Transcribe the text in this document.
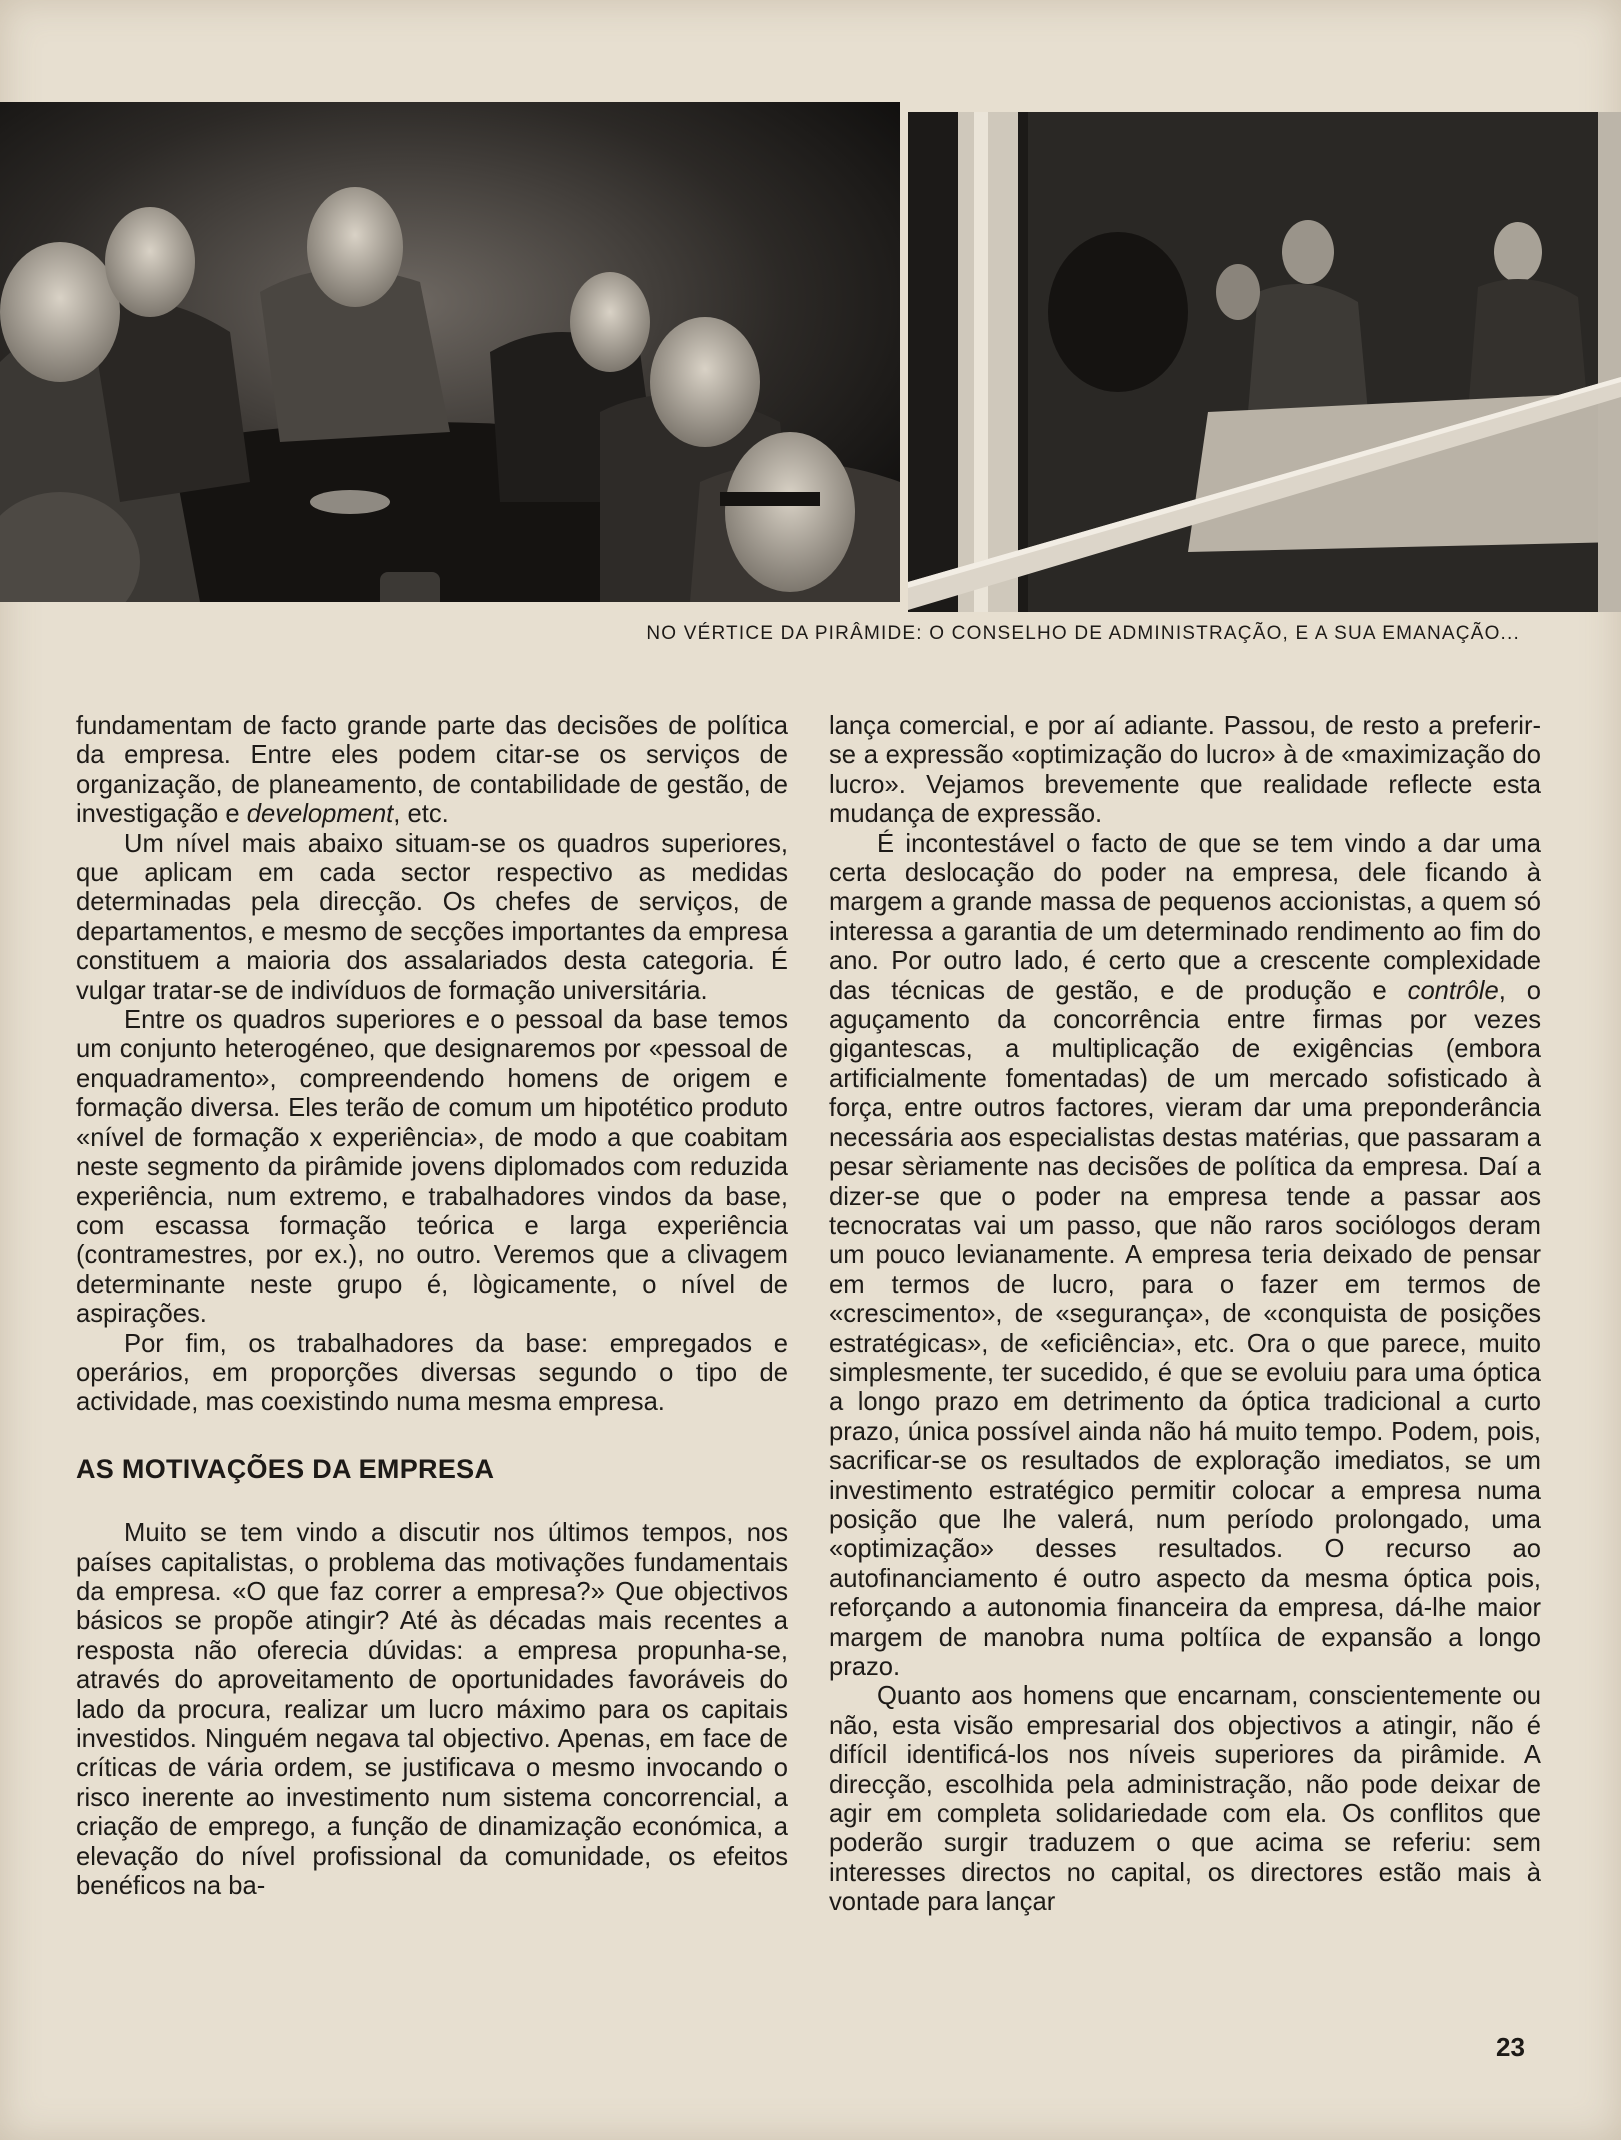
NO VÉRTICE DA PIRÂMIDE: O CONSELHO DE ADMINISTRAÇÃO, E A SUA EMANAÇÃO...

fundamentam de facto grande parte das decisões de política da empresa. Entre eles podem citar-se os serviços de organização, de planeamento, de contabilidade de gestão, de investigação e development, etc.

Um nível mais abaixo situam-se os quadros superiores, que aplicam em cada sector respectivo as medidas determinadas pela direcção. Os chefes de serviços, de departamentos, e mesmo de secções importantes da empresa constituem a maioria dos assalariados desta categoria. É vulgar tratar-se de indivíduos de formação universitária.

Entre os quadros superiores e o pessoal da base temos um conjunto heterogéneo, que designaremos por «pessoal de enquadramento», compreendendo homens de origem e formação diversa. Eles terão de comum um hipotético produto «nível de formação x experiência», de modo a que coabitam neste segmento da pirâmide jovens diplomados com reduzida experiência, num extremo, e trabalhadores vindos da base, com escassa formação teórica e larga experiência (contramestres, por ex.), no outro. Veremos que a clivagem determinante neste grupo é, lògicamente, o nível de aspirações.

Por fim, os trabalhadores da base: empregados e operários, em proporções diversas segundo o tipo de actividade, mas coexistindo numa mesma empresa.

AS MOTIVAÇÕES DA EMPRESA

Muito se tem vindo a discutir nos últimos tempos, nos países capitalistas, o problema das motivações fundamentais da empresa. «O que faz correr a empresa?» Que objectivos básicos se propõe atingir? Até às décadas mais recentes a resposta não oferecia dúvidas: a empresa propunha-se, através do aproveitamento de oportunidades favoráveis do lado da procura, realizar um lucro máximo para os capitais investidos. Ninguém negava tal objectivo. Apenas, em face de críticas de vária ordem, se justificava o mesmo invocando o risco inerente ao investimento num sistema concorrencial, a criação de emprego, a função de dinamização económica, a elevação do nível profissional da comunidade, os efeitos benéficos na ba-

lança comercial, e por aí adiante. Passou, de resto a preferir-se a expressão «optimização do lucro» à de «maximização do lucro». Vejamos brevemente que realidade reflecte esta mudança de expressão.

É incontestável o facto de que se tem vindo a dar uma certa deslocação do poder na empresa, dele ficando à margem a grande massa de pequenos accionistas, a quem só interessa a garantia de um determinado rendimento ao fim do ano. Por outro lado, é certo que a crescente complexidade das técnicas de gestão, e de produção e contrôle, o aguçamento da concorrência entre firmas por vezes gigantescas, a multiplicação de exigências (embora artificialmente fomentadas) de um mercado sofisticado à força, entre outros factores, vieram dar uma preponderância necessária aos especialistas destas matérias, que passaram a pesar sèriamente nas decisões de política da empresa. Daí a dizer-se que o poder na empresa tende a passar aos tecnocratas vai um passo, que não raros sociólogos deram um pouco levianamente. A empresa teria deixado de pensar em termos de lucro, para o fazer em termos de «crescimento», de «segurança», de «conquista de posições estratégicas», de «eficiência», etc. Ora o que parece, muito simplesmente, ter sucedido, é que se evoluiu para uma óptica a longo prazo em detrimento da óptica tradicional a curto prazo, única possível ainda não há muito tempo. Podem, pois, sacrificar-se os resultados de exploração imediatos, se um investimento estratégico permitir colocar a empresa numa posição que lhe valerá, num período prolongado, uma «optimização» desses resultados. O recurso ao autofinanciamento é outro aspecto da mesma óptica pois, reforçando a autonomia financeira da empresa, dá-lhe maior margem de manobra numa poltíica de expansão a longo prazo.

Quanto aos homens que encarnam, conscientemente ou não, esta visão empresarial dos objectivos a atingir, não é difícil identificá-los nos níveis superiores da pirâmide. A direcção, escolhida pela administração, não pode deixar de agir em completa solidariedade com ela. Os conflitos que poderão surgir traduzem o que acima se referiu: sem interesses directos no capital, os directores estão mais à vontade para lançar

23
